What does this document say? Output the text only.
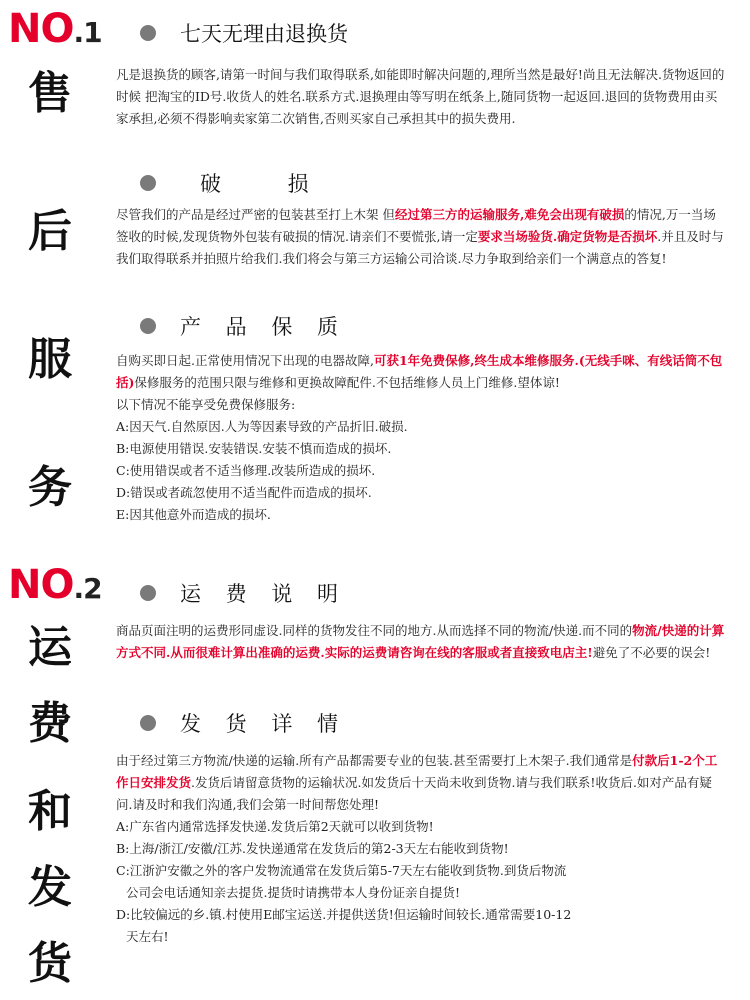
NO.1
NO.2
售
后
服
务
运
费
和
发
货
七天无理由退换货

凡是退换货的顾客,请第一时间与我们取得联系,如能即时解决问题的,理所当然是最好!尚且无法解决.货物返回的时候 把淘宝的ID号.收货人的姓名.联系方式.退换理由等写明在纸条上,随同货物一起返回.退回的货物费用由买家承担,必须不得影响卖家第二次销售,否则买家自己承担其中的损失费用.

破 损

尽管我们的产品是经过严密的包装甚至打上木架 但经过第三方的运输服务,难免会出现有破损的情况,万一当场签收的时候,发现货物外包装有破损的情况.请亲们不要慌张,请一定要求当场验货.确定货物是否损坏.并且及时与我们取得联系并拍照片给我们.我们将会与第三方运输公司洽谈.尽力争取到给亲们一个满意点的答复!

产 品 保 质

自购买即日起.正常使用情况下出现的电器故障,可获1年免费保修,终生成本维修服务.(无线手咪、有线话筒不包括)保修服务的范围只限与维修和更换故障配件.不包括维修人员上门维修.望体谅!
以下情况不能享受免费保修服务:
A:因天气.自然原因.人为等因素导致的产品折旧.破损.
B:电源使用错误.安装错误.安装不慎而造成的损坏.
C:使用错误或者不适当修理.改装所造成的损坏.
D:错误或者疏忽使用不适当配件而造成的损坏.
E:因其他意外而造成的损坏.

运 费 说 明

商品页面注明的运费形同虚设.同样的货物发往不同的地方.从而选择不同的物流/快递.而不同的物流/快递的计算方式不同.从而很难计算出准确的运费.实际的运费请咨询在线的客服或者直接致电店主!避免了不必要的误会!

发 货 详 情

由于经过第三方物流/快递的运输.所有产品都需要专业的包装.甚至需要打上木架子.我们通常是付款后1-2个工作日安排发货.发货后请留意货物的运输状况.如发货后十天尚未收到货物.请与我们联系!收货后.如对产品有疑问.请及时和我们沟通,我们会第一时间帮您处理!
A:广东省内通常选择发快递.发货后第2天就可以收到货物!
B:上海/浙江/安徽/江苏.发快递通常在发货后的第2-3天左右能收到货物!
C:江浙沪安徽之外的客户发物流通常在发货后第5-7天左右能收到货物.到货后物流
公司会电话通知亲去提货.提货时请携带本人身份证亲自提货!
D:比较偏远的乡.镇.村使用E邮宝运送.并提供送货!但运输时间较长.通常需要10-12
天左右!
